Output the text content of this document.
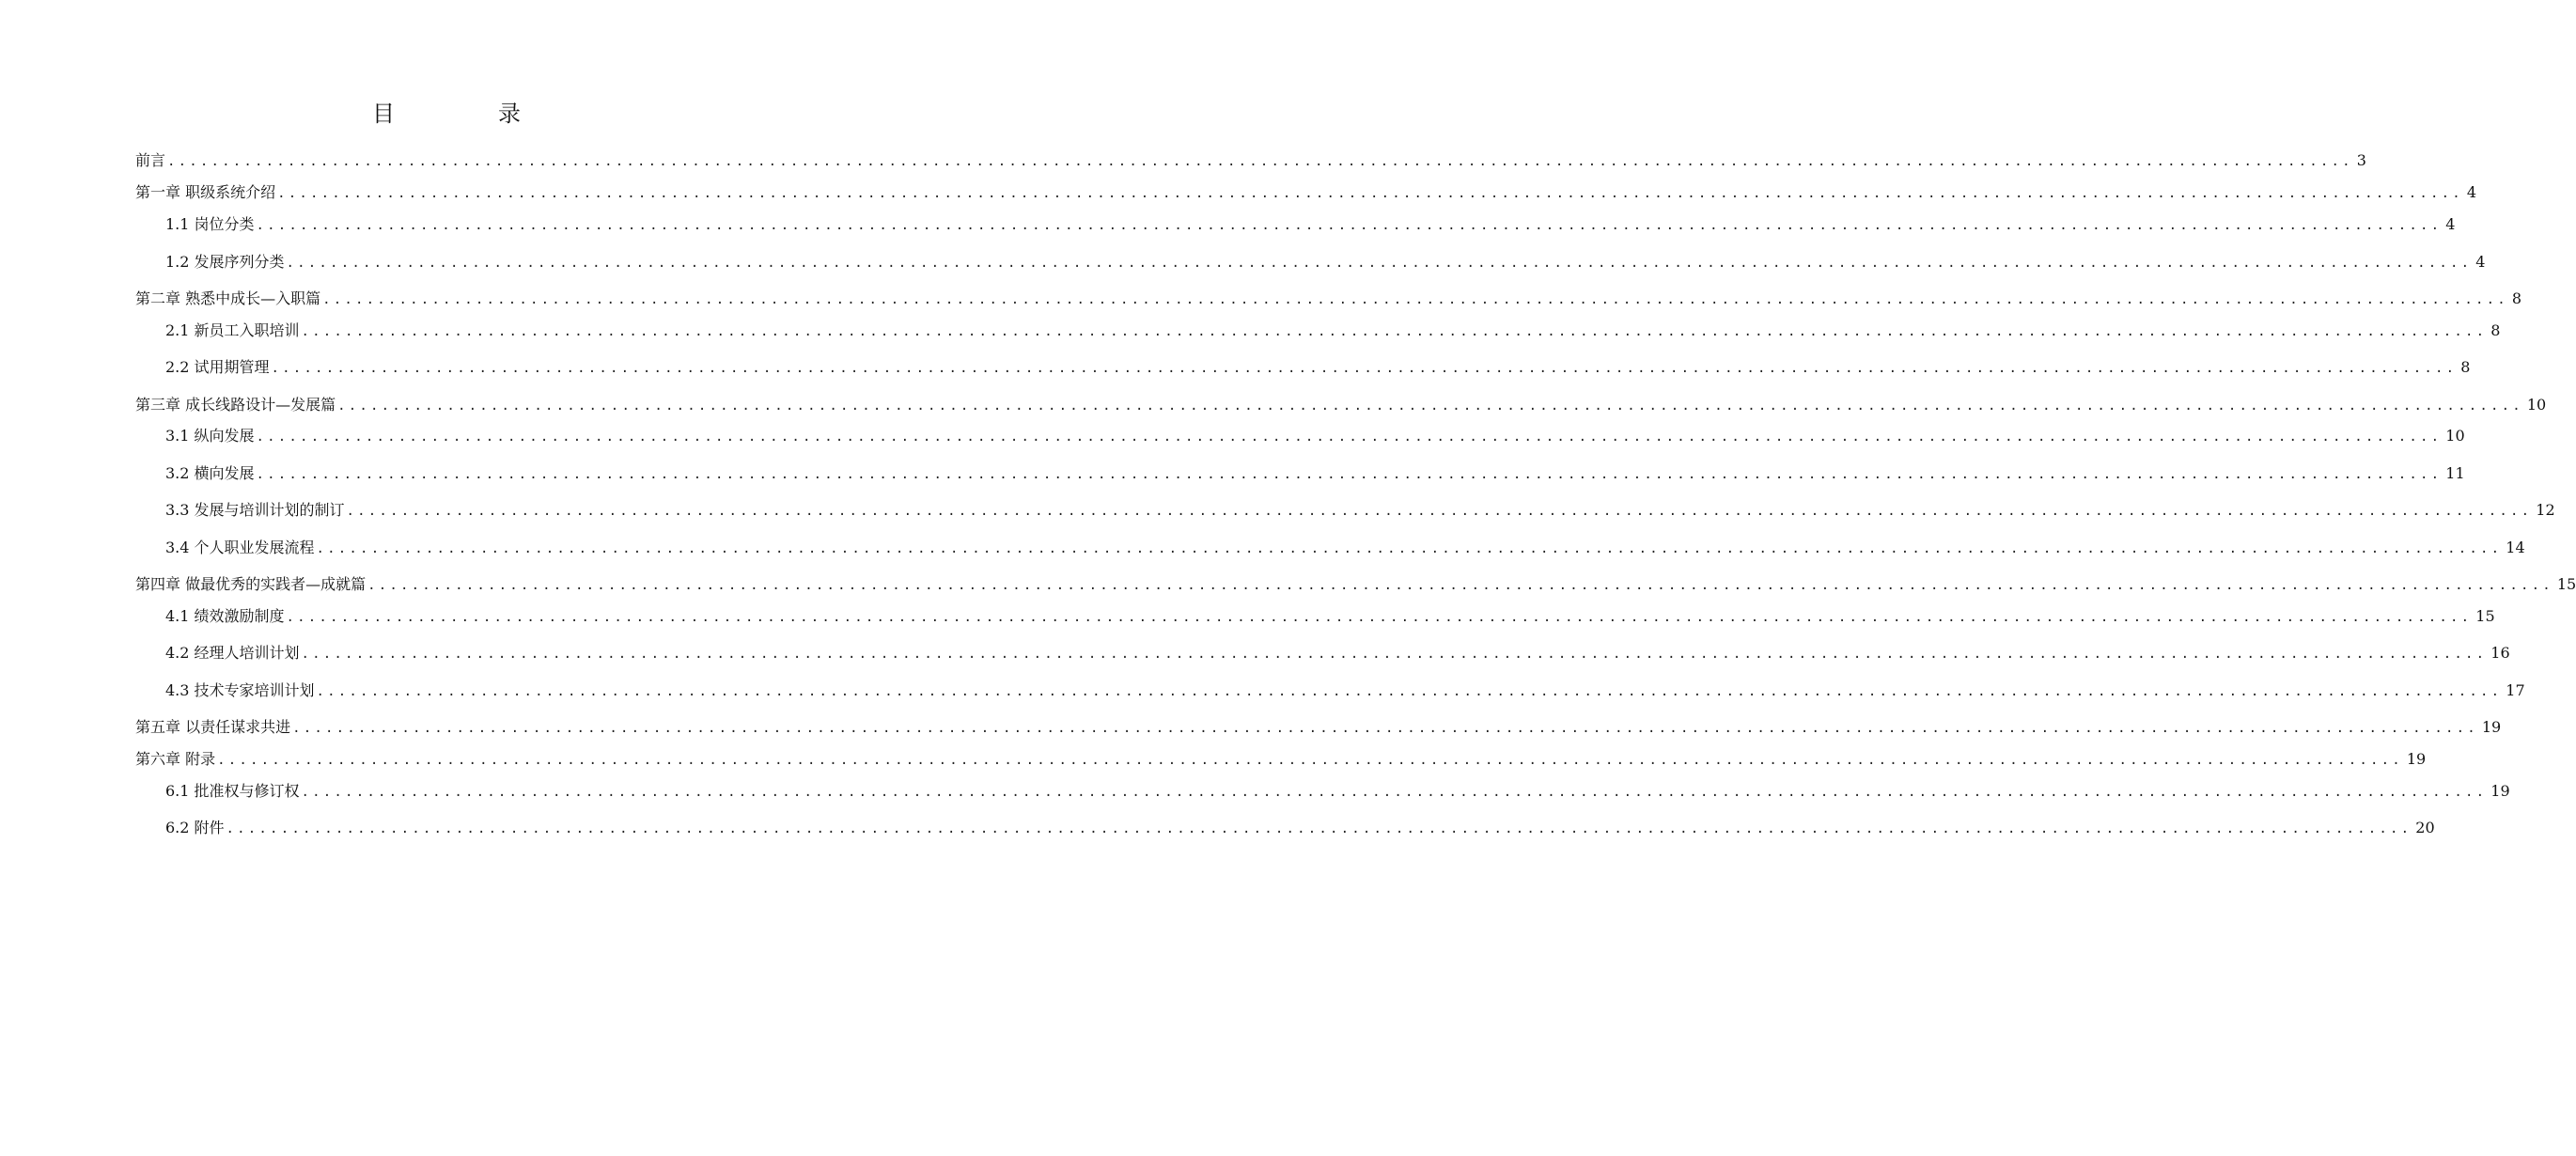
目	录
前言 ........................................................................................................................................................................................................ 3
第一章 职级系统介绍 ........................................................................................................................................................................................................ 4
1.1 岗位分类 ........................................................................................................................................................................................................ 4
1.2 发展序列分类 ........................................................................................................................................................................................................ 4
第二章 熟悉中成长—入职篇 ........................................................................................................................................................................................................ 8
2.1 新员工入职培训 ........................................................................................................................................................................................................ 8
2.2 试用期管理 ........................................................................................................................................................................................................ 8
第三章 成长线路设计—发展篇 ........................................................................................................................................................................................................ 10
3.1 纵向发展 ........................................................................................................................................................................................................ 10
3.2 横向发展 ........................................................................................................................................................................................................ 11
3.3 发展与培训计划的制订 ........................................................................................................................................................................................................ 12
3.4 个人职业发展流程 ........................................................................................................................................................................................................ 14
第四章 做最优秀的实践者—成就篇 ........................................................................................................................................................................................................ 15
4.1 绩效激励制度 ........................................................................................................................................................................................................ 15
4.2 经理人培训计划 ........................................................................................................................................................................................................ 16
4.3 技术专家培训计划 ........................................................................................................................................................................................................ 17
第五章 以责任谋求共进 ........................................................................................................................................................................................................ 19
第六章 附录 ........................................................................................................................................................................................................ 19
6.1 批准权与修订权 ........................................................................................................................................................................................................ 19
6.2 附件 ........................................................................................................................................................................................................ 20
